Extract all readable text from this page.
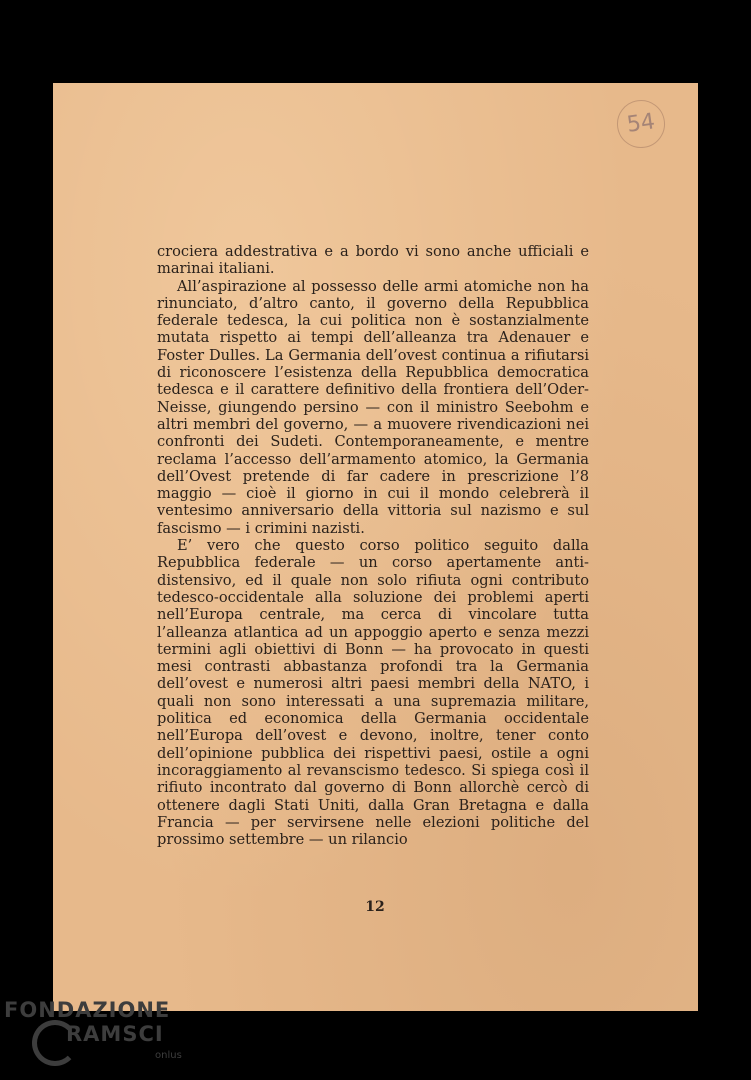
54

crociera addestrativa e a bordo vi sono anche ufficiali e marinai italiani.

All’aspirazione al possesso delle armi atomiche non ha rinunciato, d’altro canto, il governo della Repubblica federale tedesca, la cui politica non è sostanzialmente mutata rispetto ai tempi dell’alleanza tra Adenauer e Foster Dulles. La Germania dell’ovest continua a rifiutarsi di riconoscere l’esistenza della Repubblica democratica tedesca e il carattere definitivo della frontiera dell’Oder-Neisse, giungendo persino — con il ministro Seebohm e altri membri del governo, — a muovere rivendicazioni nei confronti dei Sudeti. Contemporaneamente, e mentre reclama l’accesso dell’armamento atomico, la Germania dell’Ovest pretende di far cadere in prescrizione l’8 maggio — cioè il giorno in cui il mondo celebrerà il ventesimo anniversario della vittoria sul nazismo e sul fascismo — i crimini nazisti.

E’ vero che questo corso politico seguito dalla Repubblica federale — un corso apertamente anti-distensivo, ed il quale non solo rifiuta ogni contributo tedesco-occidentale alla soluzione dei problemi aperti nell’Europa centrale, ma cerca di vincolare tutta l’alleanza atlantica ad un appoggio aperto e senza mezzi termini agli obiettivi di Bonn — ha provocato in questi mesi contrasti abbastanza profondi tra la Germania dell’ovest e numerosi altri paesi membri della NATO, i quali non sono interessati a una supremazia militare, politica ed economica della Germania occidentale nell’Europa dell’ovest e devono, inoltre, tener conto dell’opinione pubblica dei rispettivi paesi, ostile a ogni incoraggiamento al revanscismo tedesco. Si spiega così il rifiuto incontrato dal governo di Bonn allorchè cercò di ottenere dagli Stati Uniti, dalla Gran Bretagna e dalla Francia — per servirsene nelle elezioni politiche del prossimo settembre — un rilancio

12
FONDAZIONE
RAMSCI
onlus
